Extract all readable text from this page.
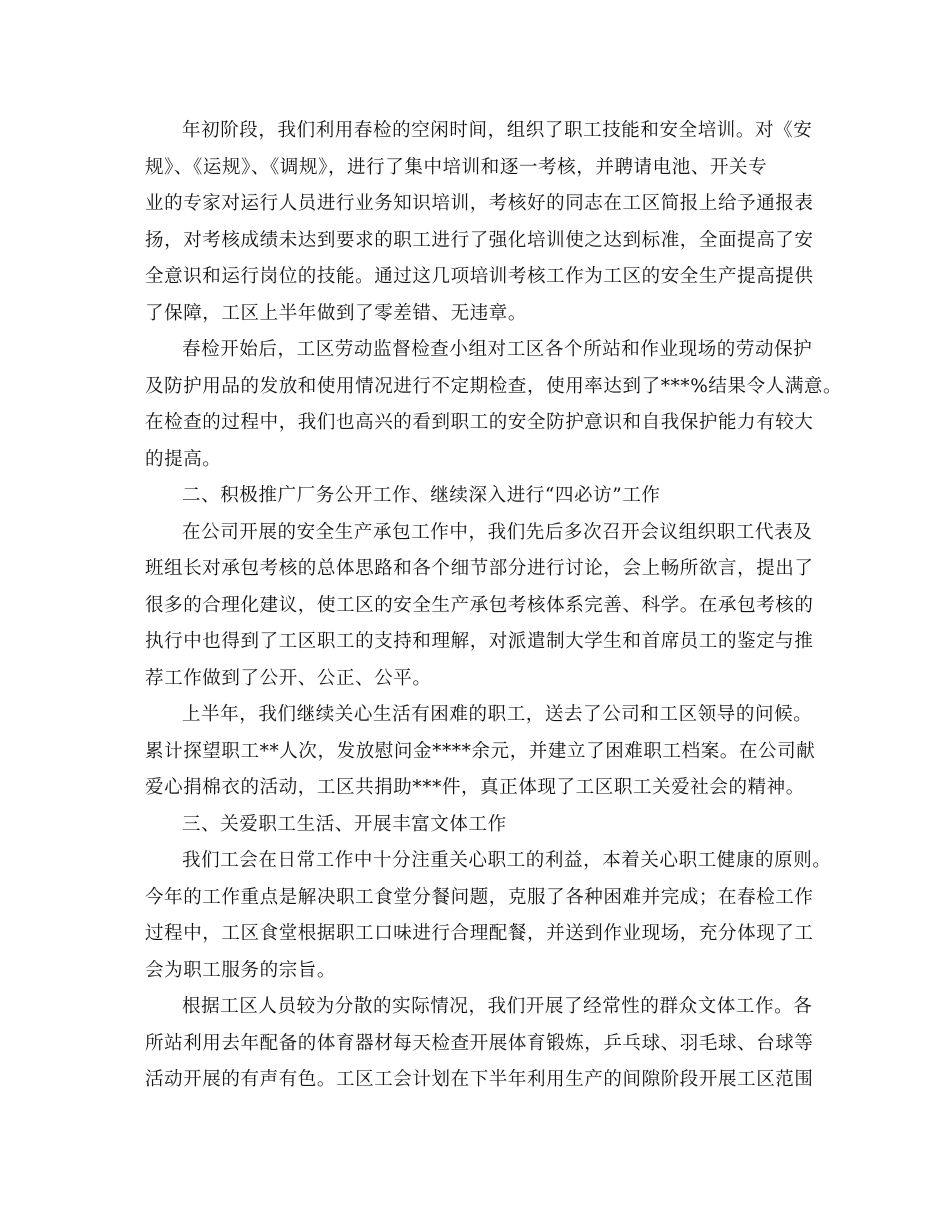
年初阶段，我们利用春检的空闲时间，组织了职工技能和安全培训。对《安
规》、《运规》、《调规》，进行了集中培训和逐一考核，并聘请电池、开关专
业的专家对运行人员进行业务知识培训，考核好的同志在工区简报上给予通报表
扬，对考核成绩未达到要求的职工进行了强化培训使之达到标准，全面提高了安
全意识和运行岗位的技能。通过这几项培训考核工作为工区的安全生产提高提供
了保障，工区上半年做到了零差错、无违章。
春检开始后，工区劳动监督检查小组对工区各个所站和作业现场的劳动保护
及防护用品的发放和使用情况进行不定期检查，使用率达到了***%结果令人满意。
在检查的过程中，我们也高兴的看到职工的安全防护意识和自我保护能力有较大
的提高。
二、积极推广厂务公开工作、继续深入进行“四必访”工作
在公司开展的安全生产承包工作中，我们先后多次召开会议组织职工代表及
班组长对承包考核的总体思路和各个细节部分进行讨论，会上畅所欲言，提出了
很多的合理化建议，使工区的安全生产承包考核体系完善、科学。在承包考核的
执行中也得到了工区职工的支持和理解，对派遣制大学生和首席员工的鉴定与推
荐工作做到了公开、公正、公平。
上半年，我们继续关心生活有困难的职工，送去了公司和工区领导的问候。
累计探望职工**人次，发放慰问金****余元，并建立了困难职工档案。在公司献
爱心捐棉衣的活动，工区共捐助***件，真正体现了工区职工关爱社会的精神。
三、关爱职工生活、开展丰富文体工作
我们工会在日常工作中十分注重关心职工的利益，本着关心职工健康的原则。
今年的工作重点是解决职工食堂分餐问题，克服了各种困难并完成；在春检工作
过程中，工区食堂根据职工口味进行合理配餐，并送到作业现场，充分体现了工
会为职工服务的宗旨。
根据工区人员较为分散的实际情况，我们开展了经常性的群众文体工作。各
所站利用去年配备的体育器材每天检查开展体育锻炼，乒乓球、羽毛球、台球等
活动开展的有声有色。工区工会计划在下半年利用生产的间隙阶段开展工区范围
